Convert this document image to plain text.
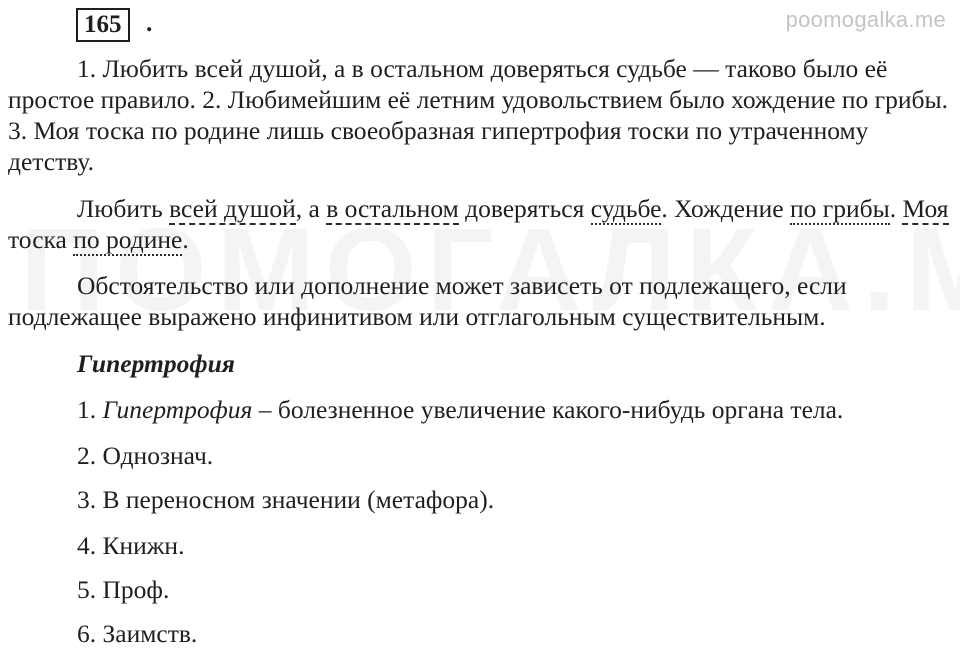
poomogalka.me
165 .

1. Любить всей душой, а в остальном доверяться судьбе — таково было её простое правило. 2. Любимейшим её летним удовольствием было хождение по грибы. 3. Моя тоска по родине лишь своеобразная гипертрофия тоски по утраченному детству.

Любить всей душой, а в остальном доверяться судьбе. Хождение по грибы. Моя тоска по родине.

Обстоятельство или дополнение может зависеть от подлежащего, если подлежащее выражено инфинитивом или отглагольным существительным.

Гипертрофия
1. Гипертрофия – болезненное увеличение какого-нибудь органа тела.
2. Однознач.
3. В переносном значении (метафора).
4. Книжн.
5. Проф.
6. Заимств.
